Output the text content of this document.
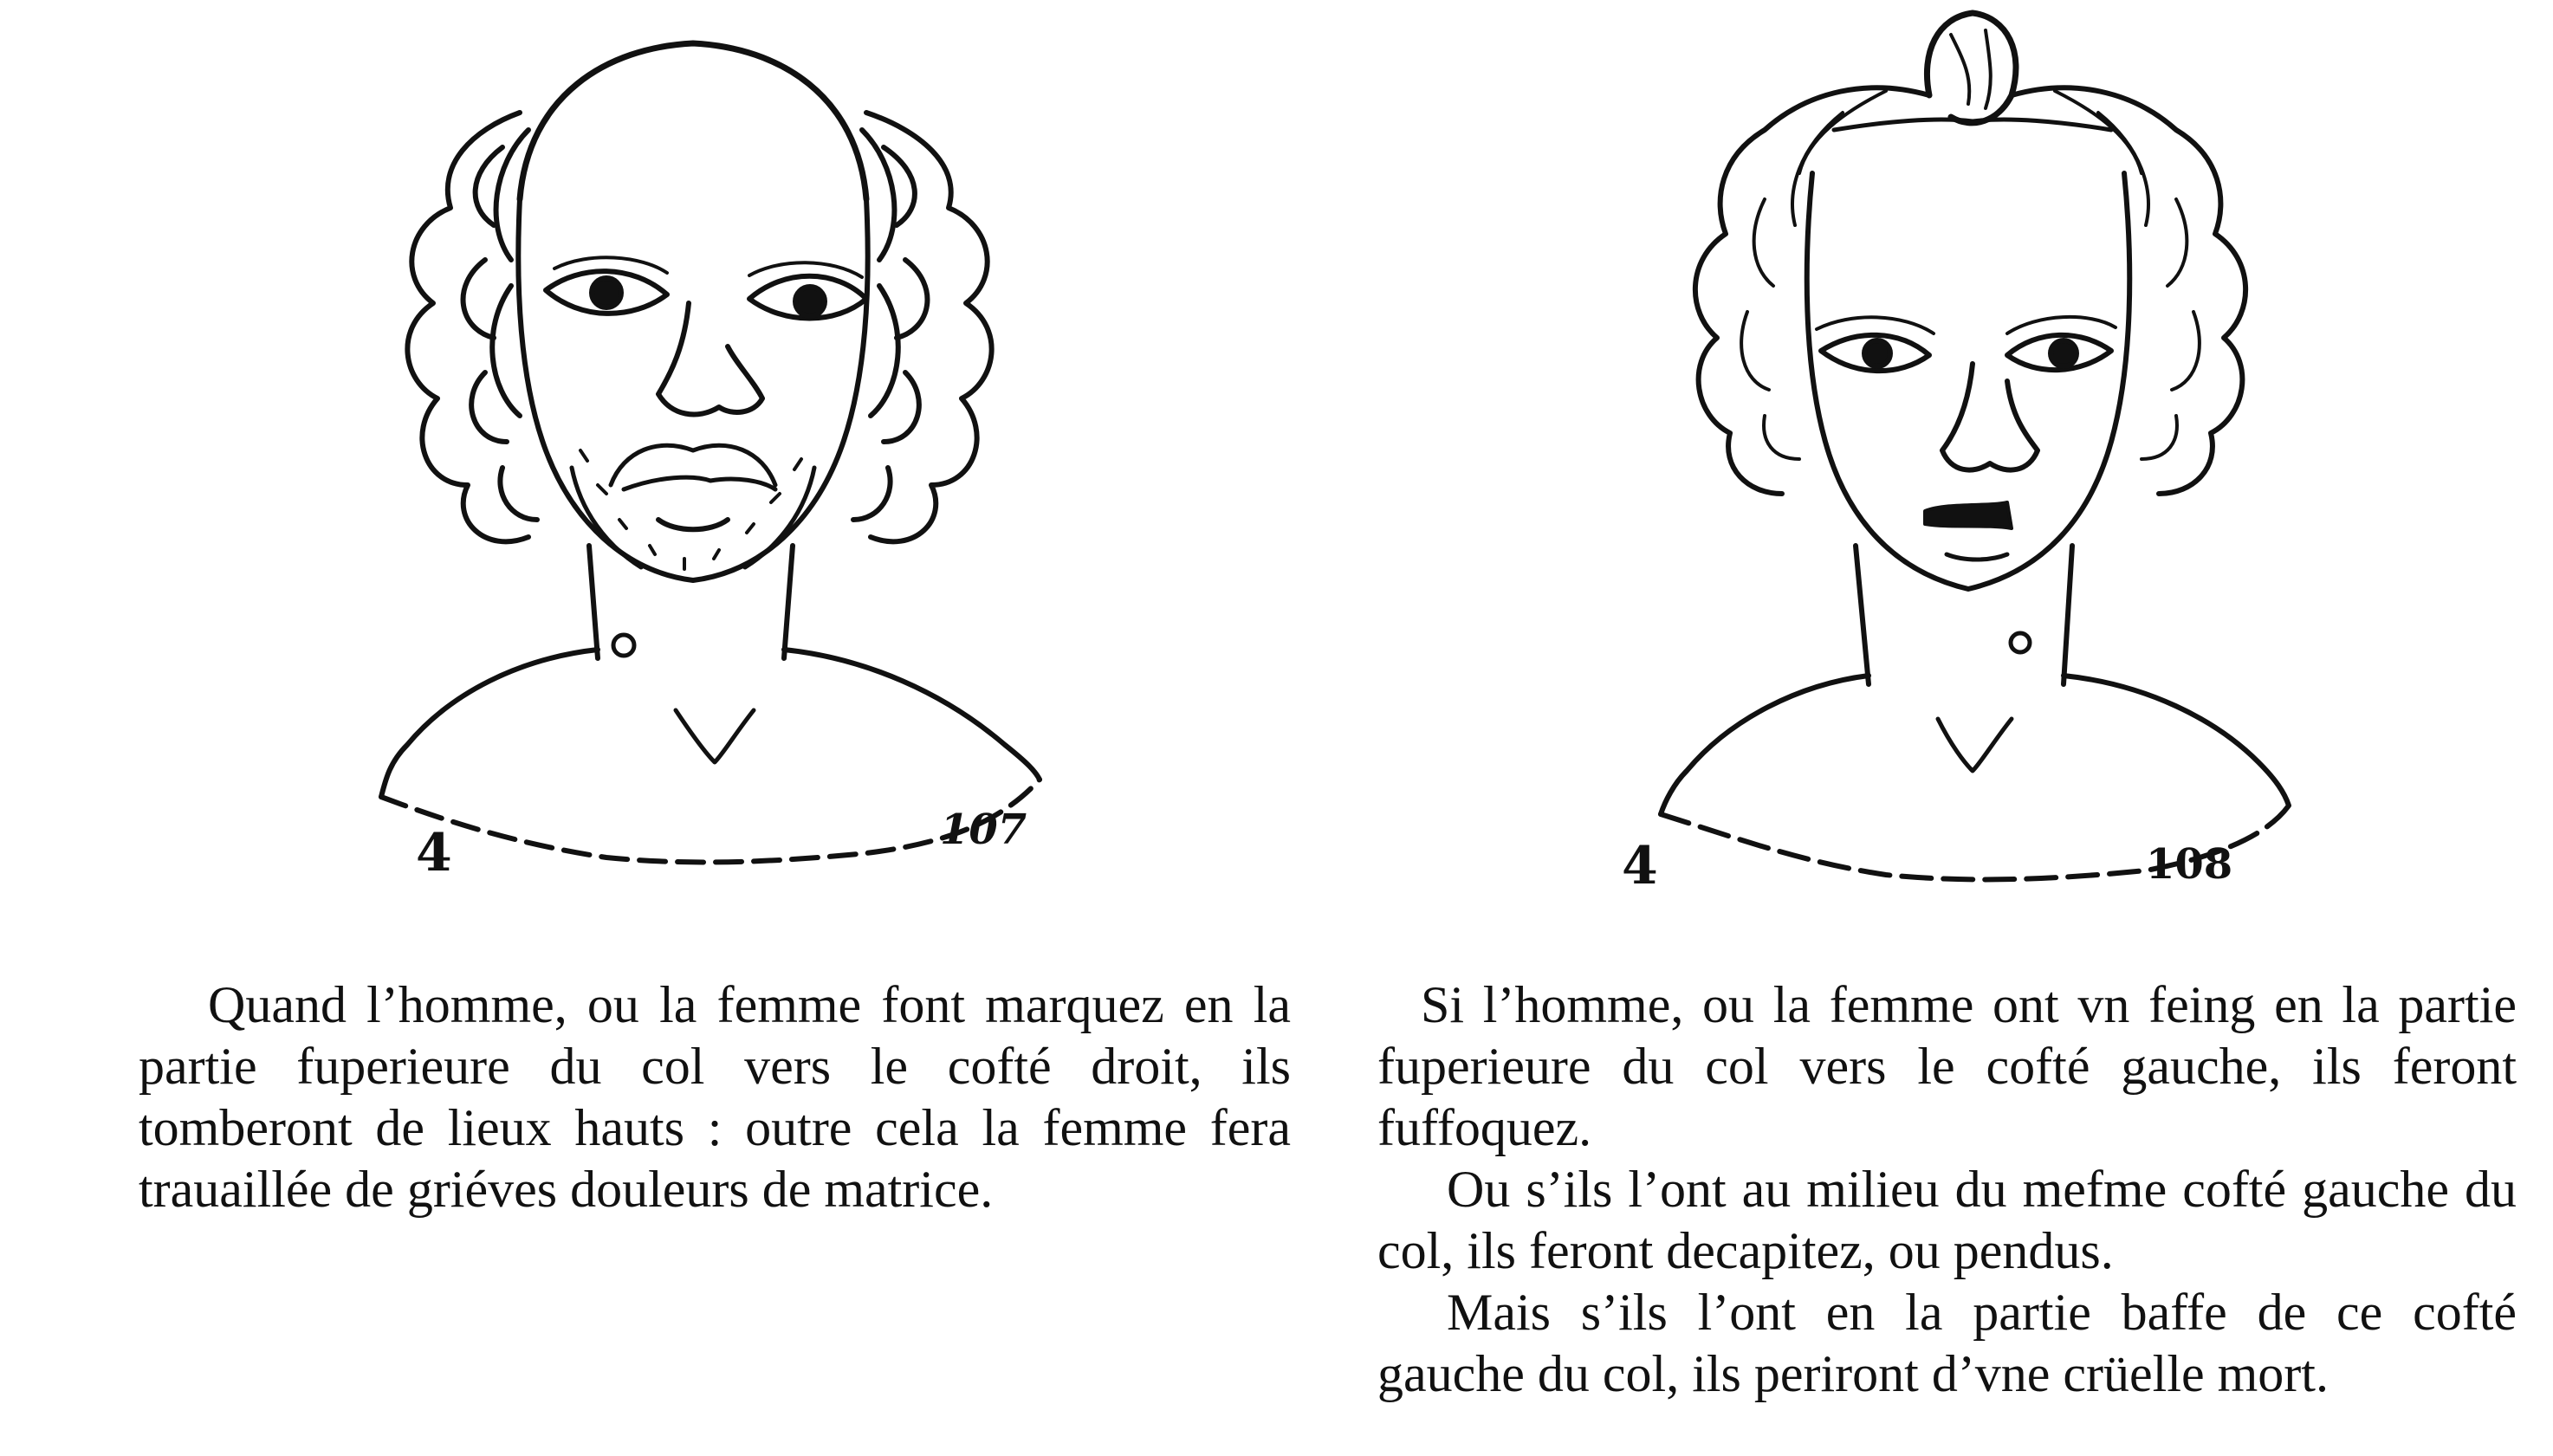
4	107
4	108

Quand l’homme, ou la femme font marquez en la partie fuperieure du col vers le cofté droit, ils tomberont de lieux hauts : outre cela la femme fera trauaillée de griéves douleurs de matrice.

Si l’homme, ou la femme ont vn feing en la partie fuperieure du col vers le cofté gauche, ils feront fuffoquez.

Ou s’ils l’ont au milieu du mefme cofté gauche du col, ils feront decapitez, ou pendus.

Mais s’ils l’ont en la partie baffe de ce cofté gauche du col, ils periront d’vne crüelle mort.
